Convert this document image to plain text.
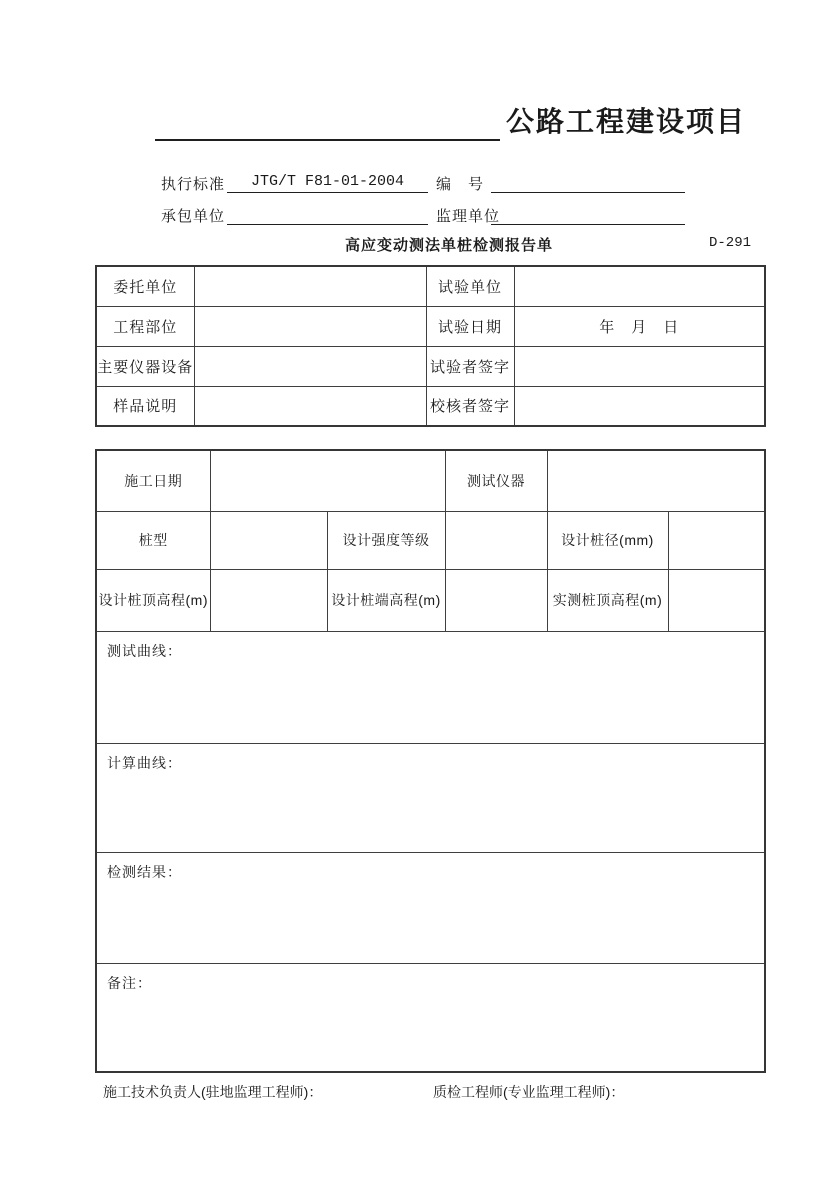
公路工程建设项目
执行标准	JTG/T F81-01-2004	编　号
承包单位	监理单位
高应变动测法单桩检测报告单	D-291
委托单位		试验单位	
工程部位		试验日期	年　月　日
主要仪器设备		试验者签字	
样品说明		校核者签字	
施工日期			测试仪器		
桩型		设计强度等级		设计桩径(mm)	
设计桩顶高程(m)		设计桩端高程(m)		实测桩顶高程(m)	
测试曲线：					
计算曲线：					
检测结果：					
备注：					
施工技术负责人(驻地监理工程师)：	质检工程师(专业监理工程师)：
